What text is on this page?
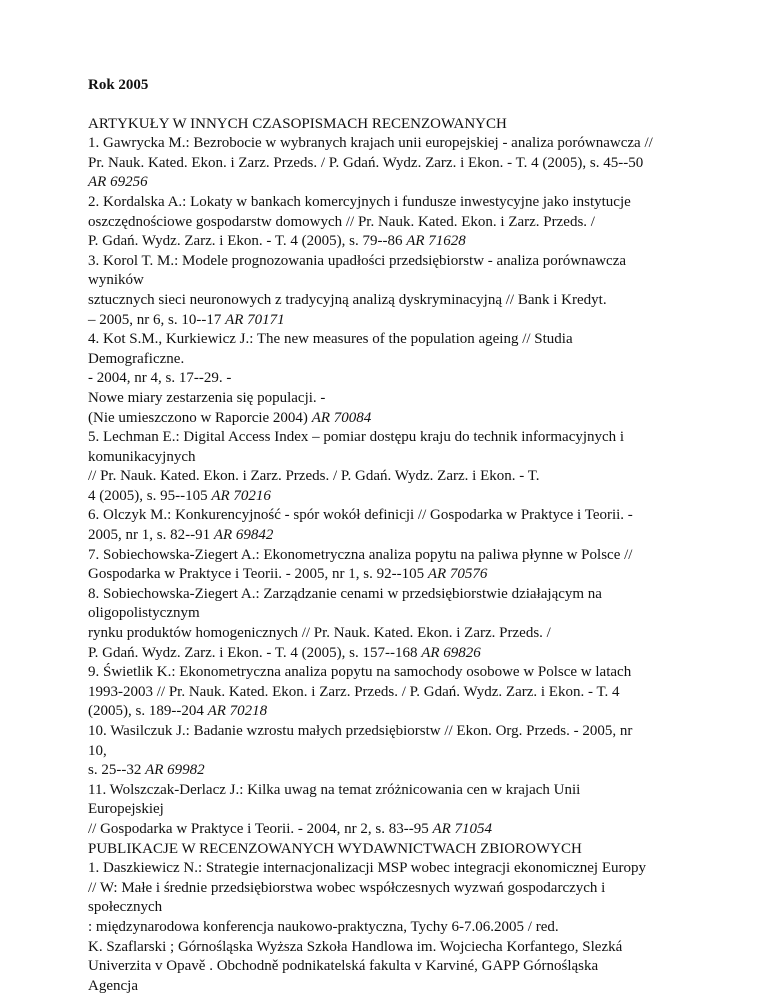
Rok 2005

ARTYKUŁY W INNYCH CZASOPISMACH RECENZOWANYCH

1. Gawrycka M.: Bezrobocie w wybranych krajach unii europejskiej - analiza porównawcza //

Pr. Nauk. Kated. Ekon. i Zarz. Przeds. / P. Gdań. Wydz. Zarz. i Ekon. - T. 4 (2005), s. 45--50

AR 69256

2. Kordalska A.: Lokaty w bankach komercyjnych i fundusze inwestycyjne jako instytucje

oszczędnościowe gospodarstw domowych // Pr. Nauk. Kated. Ekon. i Zarz. Przeds. /

P. Gdań. Wydz. Zarz. i Ekon. - T. 4 (2005), s. 79--86 AR 71628

3. Korol T. M.: Modele prognozowania upadłości przedsiębiorstw - analiza porównawcza

wyników

sztucznych sieci neuronowych z tradycyjną analizą dyskryminacyjną // Bank i Kredyt.

– 2005, nr 6, s. 10--17 AR 70171

4. Kot S.M., Kurkiewicz J.: The new measures of the population ageing // Studia

Demograficzne.

- 2004, nr 4, s. 17--29. -

Nowe miary zestarzenia się populacji. -

(Nie umieszczono w Raporcie 2004) AR 70084

5. Lechman E.: Digital Access Index – pomiar dostępu kraju do technik informacyjnych i

komunikacyjnych

// Pr. Nauk. Kated. Ekon. i Zarz. Przeds. / P. Gdań. Wydz. Zarz. i Ekon. - T.

4 (2005), s. 95--105 AR 70216

6. Olczyk M.: Konkurencyjność - spór wokół definicji // Gospodarka w Praktyce i Teorii. -

2005, nr 1, s. 82--91 AR 69842

7. Sobiechowska-Ziegert A.: Ekonometryczna analiza popytu na paliwa płynne w Polsce //

Gospodarka w Praktyce i Teorii. - 2005, nr 1, s. 92--105 AR 70576

8. Sobiechowska-Ziegert A.: Zarządzanie cenami w przedsiębiorstwie działającym na

oligopolistycznym

rynku produktów homogenicznych // Pr. Nauk. Kated. Ekon. i Zarz. Przeds. /

P. Gdań. Wydz. Zarz. i Ekon. - T. 4 (2005), s. 157--168 AR 69826

9. Świetlik K.: Ekonometryczna analiza popytu na samochody osobowe w Polsce w latach

1993-2003 // Pr. Nauk. Kated. Ekon. i Zarz. Przeds. / P. Gdań. Wydz. Zarz. i Ekon. - T. 4

(2005), s. 189--204 AR 70218

10. Wasilczuk J.: Badanie wzrostu małych przedsiębiorstw // Ekon. Org. Przeds. - 2005, nr

10,

s. 25--32 AR 69982

11. Wolszczak-Derlacz J.: Kilka uwag na temat zróżnicowania cen w krajach Unii

Europejskiej

// Gospodarka w Praktyce i Teorii. - 2004, nr 2, s. 83--95 AR 71054

PUBLIKACJE W RECENZOWANYCH WYDAWNICTWACH ZBIOROWYCH

1. Daszkiewicz N.: Strategie internacjonalizacji MSP wobec integracji ekonomicznej Europy

// W: Małe i średnie przedsiębiorstwa wobec współczesnych wyzwań gospodarczych i

społecznych

: międzynarodowa konferencja naukowo-praktyczna, Tychy 6-7.06.2005 / red.

K. Szaflarski ; Górnośląska Wyższa Szkoła Handlowa im. Wojciecha Korfantego, Slezká

Univerzita v Opavě . Obchodně podnikatelská fakulta v Karviné, GAPP Górnośląska

Agencja
